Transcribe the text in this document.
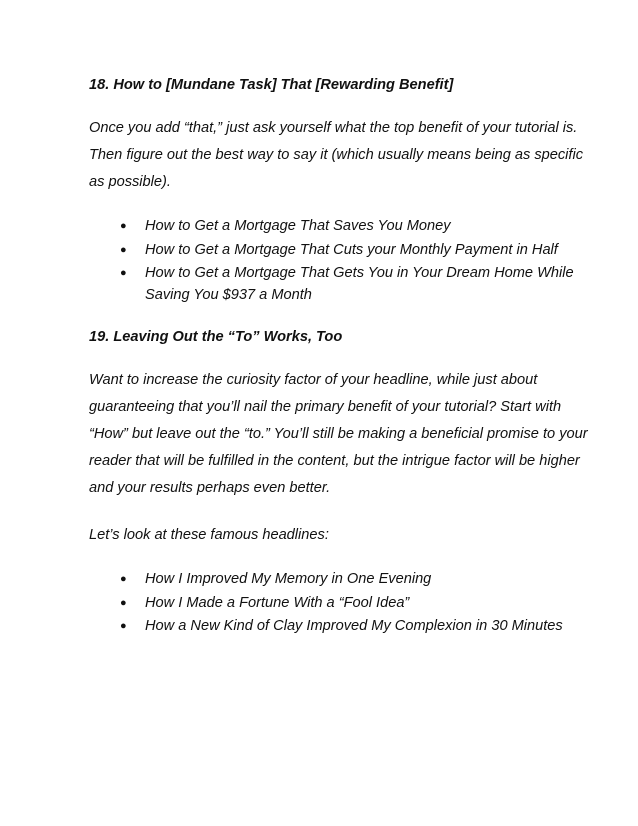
18. How to [Mundane Task] That [Rewarding Benefit]
Once you add “that,” just ask yourself what the top benefit of your tutorial is. Then figure out the best way to say it (which usually means being as specific as possible).
● How to Get a Mortgage That Saves You Money
● How to Get a Mortgage That Cuts your Monthly Payment in Half
● How to Get a Mortgage That Gets You in Your Dream Home While Saving You $937 a Month
19. Leaving Out the “To” Works, Too
Want to increase the curiosity factor of your headline, while just about guaranteeing that you’ll nail the primary benefit of your tutorial? Start with “How” but leave out the “to.” You’ll still be making a beneficial promise to your reader that will be fulfilled in the content, but the intrigue factor will be higher and your results perhaps even better.
Let’s look at these famous headlines:
● How I Improved My Memory in One Evening
● How I Made a Fortune With a “Fool Idea”
● How a New Kind of Clay Improved My Complexion in 30 Minutes
